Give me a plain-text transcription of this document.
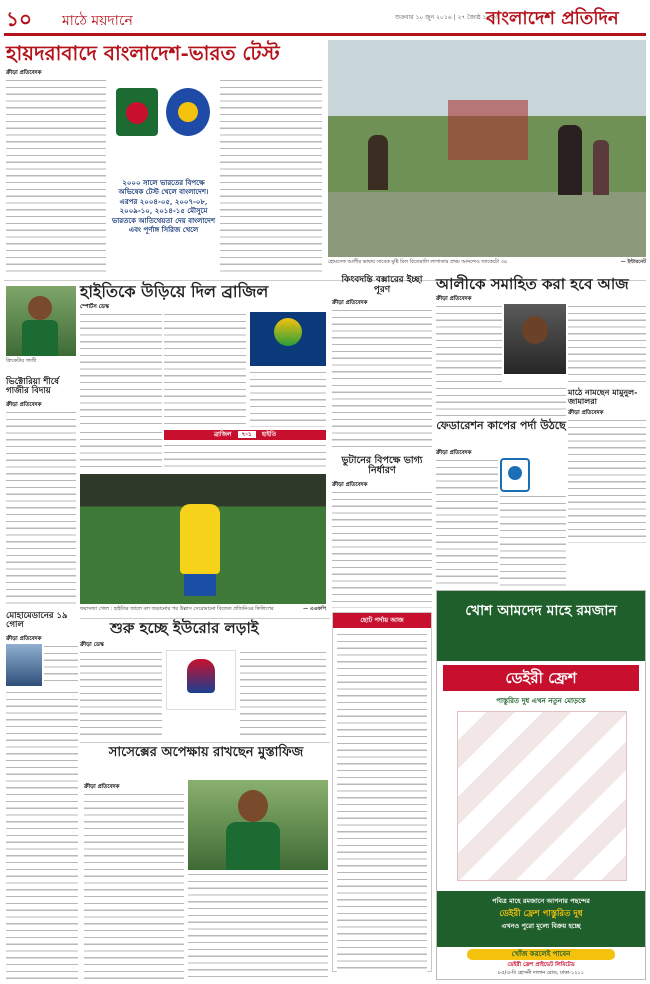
১০ মাঠে ময়দানে	শুক্রবার ১০ জুন ২০১৬ | ২৭ জ্যৈষ্ঠ ১৪২৩
বাংলাদেশ প্রতিদিন
হায়দরাবাদে বাংলাদেশ-ভারত টেস্ট
ক্রীড়া প্রতিবেদক
২০০০ সালে ভারতের বিপক্ষে অভিষেক টেস্ট খেলে বাংলাদেশ। এরপর ২০০৪-০৫, ২০০৭-০৮, ২০০৯-১০, ২০১৪-১৫ মৌসুমে ভারতকে আতিথেয়তা দেয় বাংলাদেশ এবং পূর্ণাঙ্গ সিরিজ খেলে
হোমসেফ আলীর ভাষায় সাবেক মুষ্টি মিল বিতেরালি লাগাতার প্রথম আনন্দেও জাকেটো ৩৪	— ইন্টারনেট
হাইতিকে উড়িয়ে দিল ব্রাজিল
স্পোর্টস ডেস্ক
ব্রাজিল ৭-১ হাইতি
ফরাসজা গোল : হাইতির জালে বল জড়ানোর পর উল্লাস সেরোমানো বিজেত প্রজিনিওর ফিলিপের	— এএফপি
ক্রিকেটার গাজী
ভিক্টোরিয়া শীর্ষে গাজীর বিদায়
ক্রীড়া প্রতিবেদক
কিংবদন্তি বক্সারের ইচ্ছা পূরণ
ক্রীড়া প্রতিবেদক
আলীকে সমাহিত করা হবে আজ
ক্রীড়া প্রতিবেদক
মাঠে নামছেন মামুনুল-জামালরা
ক্রীড়া প্রতিবেদক
ফেডারেশন কাপের পর্দা উঠছে
ক্রীড়া প্রতিবেদক
ভুটানের বিপক্ষে ভাগ্য নির্ধারণ
ক্রীড়া প্রতিবেদক
খোশ আমদেদ মাহে রমজান
ডেইরী ফ্রেশ
পাস্তুরিত দুধ এখন নতুন মোড়কে
পবিত্র মাহে রমজানে আপনার পছন্দের
ডেইরী ফ্রেশ পাস্তুরিত দুধ
এখনও পুরো মূল্যে বিক্রয় হচ্ছে
খোঁজ করলেই পাবেন
ডেইরী ফ্রেশ প্রাইভেট লিমিটেড
৮৫/এ-বি হোসনী দালান রোড, ঢাকা-১২১১
ছোট পর্দায় আজ
শুরু হচ্ছে ইউরোর লড়াই
ক্রীড়া ডেস্ক
মোহামেডানের ১৯ গোল
ক্রীড়া প্রতিবেদক
সাসেক্সের অপেক্ষায় রাখছেন মুস্তাফিজ
ক্রীড়া প্রতিবেদক
